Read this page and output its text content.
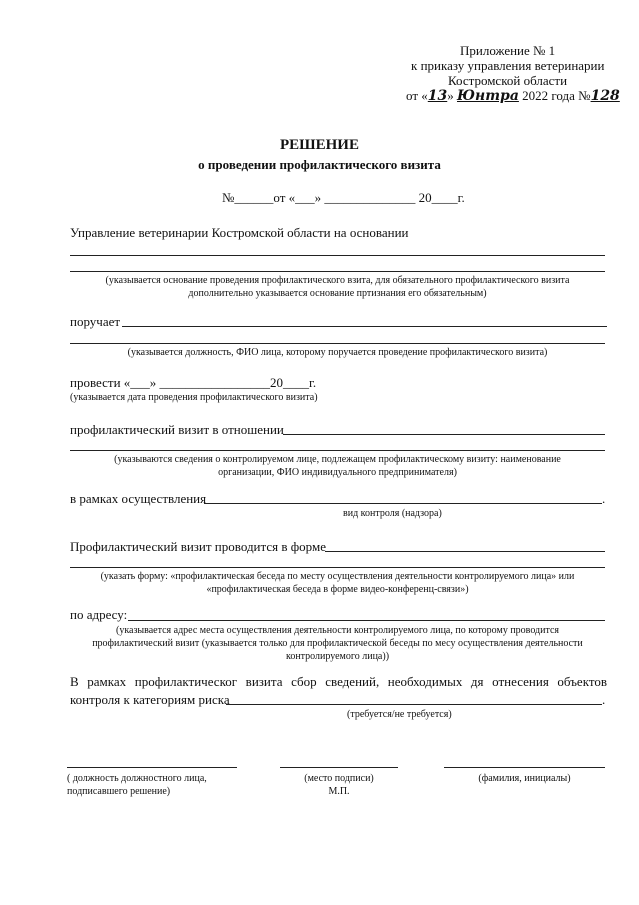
Приложение № 1
к приказу управления ветеринарии
Костромской области
от «13» Юнтра 2022 года №128
РЕШЕНИЕ
о проведении профилактического визита
№______от «___» ______________ 20____г.
Управление ветеринарии Костромской области на основании
(указывается основание проведения профилактического взита, для обязательного профилактического визита
дополнительно указывается основание пртизнания его обязательным)
поручает
(указывается должность, ФИО лица, которому поручается проведение профилактического визита)
провести «___» _________________20____г.
(указывается дата проведения профилактического визита)
профилактический визит в отношении
(указываются сведения о контролируемом лице, подлежащем профилактическому визиту: наименование
организации, ФИО индивидуального предпринимателя)
в рамках осуществления	.
вид контроля (надзора)
Профилактический визит проводится в форме
(указать форму: «профилактическая беседа по месту осуществления деятельности контролируемого лица» или
«профилактическая беседа в форме видео-конференц-связи»)
по адресу:
(указывается адрес места осуществления деятельности контролируемого лица, по которому проводится
профилактический визит (указывается только для профилактической беседы по месу осуществления деятельности
контролируемого лица))
В рамках профилактическог визита сбор сведений, необходимых дя отнесения объектов
контроля к категориям риска	.
(требуется/не требуется)
( должность должностного лица,
подписавшего решение)
(место подписи)
М.П.
(фамилия, инициалы)
